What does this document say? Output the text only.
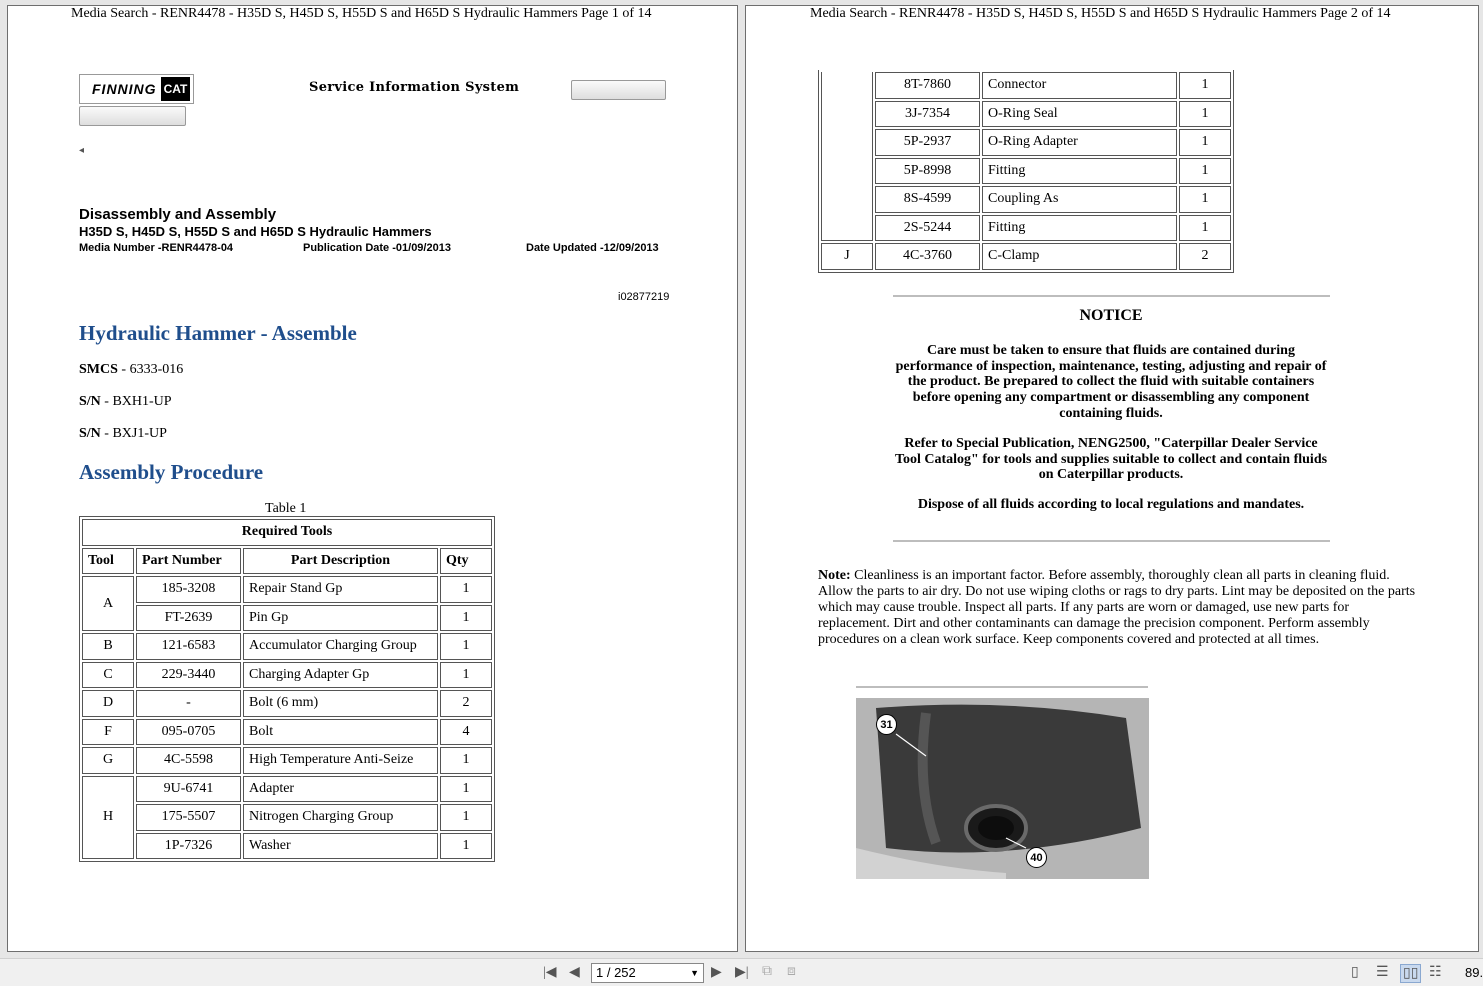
Media Search - RENR4478 - H35D S, H45D S, H55D S and H65D S Hydraulic Hammers Page 1 of 14
FINNING CAT	Service Information System
◂
Disassembly and Assembly
H35D S, H45D S, H55D S and H65D S Hydraulic Hammers
Media Number -RENR4478-04	Publication Date -01/09/2013	Date Updated -12/09/2013
i02877219
Hydraulic Hammer - Assemble
SMCS - 6333-016
S/N - BXH1-UP
S/N - BXJ1-UP
Assembly Procedure
Table 1
Required Tools			
Tool	Part Number	Part Description	Qty
A	185-3208	Repair Stand Gp	1
	FT-2639	Pin Gp	1
B	121-6583	Accumulator Charging Group	1
C	229-3440	Charging Adapter Gp	1
D	-	Bolt (6 mm)	2
F	095-0705	Bolt	4
G	4C-5598	High Temperature Anti-Seize	1
H	9U-6741	Adapter	1
	175-5507	Nitrogen Charging Group	1
	1P-7326	Washer	1
Media Search - RENR4478 - H35D S, H45D S, H55D S and H65D S Hydraulic Hammers Page 2 of 14
	8T-7860	Connector	1
	3J-7354	O-Ring Seal	1
	5P-2937	O-Ring Adapter	1
	5P-8998	Fitting	1
	8S-4599	Coupling As	1
	2S-5244	Fitting	1
J	4C-3760	C-Clamp	2
NOTICE

Care must be taken to ensure that fluids are contained during performance of inspection, maintenance, testing, adjusting and repair of the product. Be prepared to collect the fluid with suitable containers before opening any compartment or disassembling any component containing fluids.

Refer to Special Publication, NENG2500, "Caterpillar Dealer Service Tool Catalog" for tools and supplies suitable to collect and contain fluids on Caterpillar products.

Dispose of all fluids according to local regulations and mandates.

Note: Cleanliness is an important factor. Before assembly, thoroughly clean all parts in cleaning fluid. Allow the parts to air dry. Do not use wiping cloths or rags to dry parts. Lint may be deposited on the parts which may cause trouble. Inspect all parts. If any parts are worn or damaged, use new parts for replacement. Dirt and other contaminants can damage the precision component. Perform assembly procedures on a clean work surface. Keep components covered and protected at all times.
31
40
|◀ ◀	1 / 252	▼ ▶ ▶| ⧉ ⧈	▯ ☰ ▯▯ ☷ 89.
